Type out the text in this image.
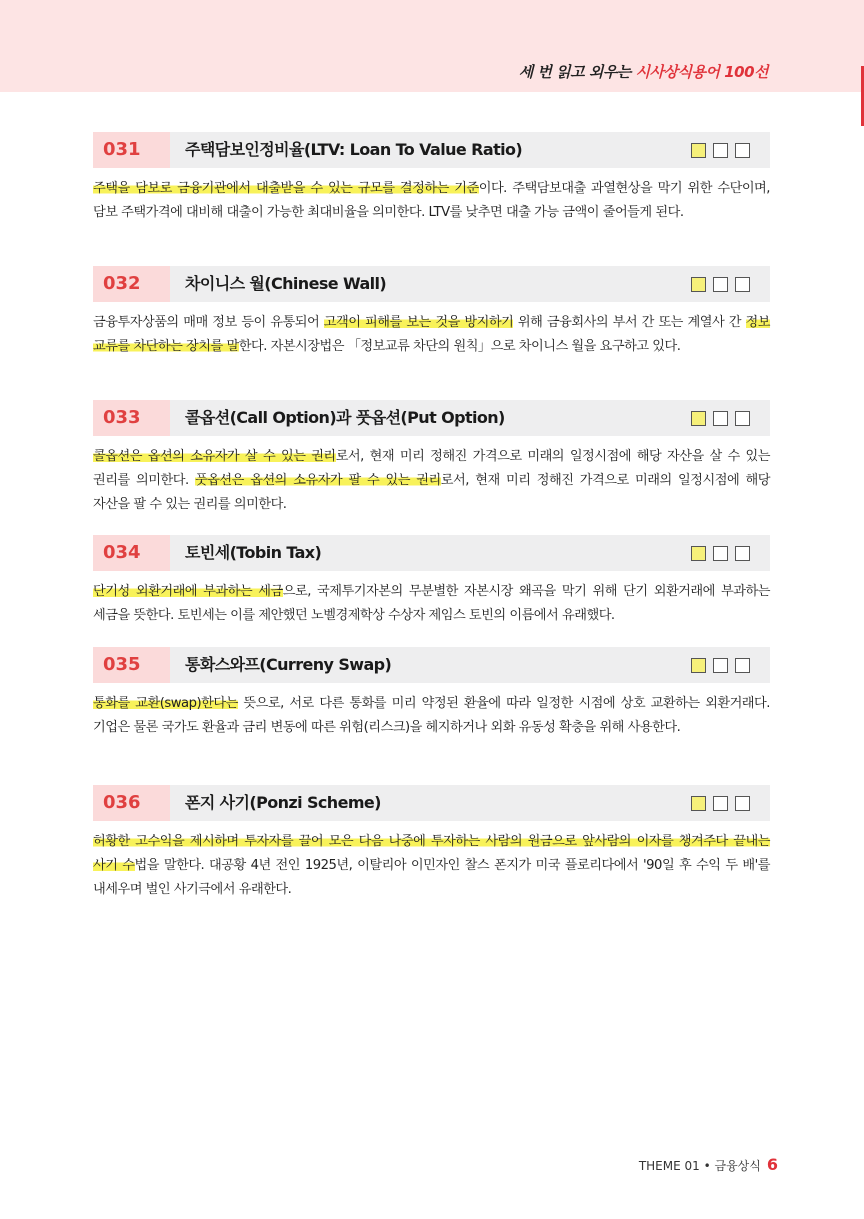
세 번 읽고 외우는 시사상식용어 100선
031	주택담보인정비율(LTV: Loan To Value Ratio)

주택을 담보로 금융기관에서 대출받을 수 있는 규모를 결정하는 기준이다. 주택담보대출 과열현상을 막기 위한 수단이며, 담보 주택가격에 대비해 대출이 가능한 최대비율을 의미한다. LTV를 낮추면 대출 가능 금액이 줄어들게 된다.

032	차이니스 월(Chinese Wall)

금융투자상품의 매매 정보 등이 유통되어 고객이 피해를 보는 것을 방지하기 위해 금융회사의 부서 간 또는 계열사 간 정보 교류를 차단하는 장치를 말한다. 자본시장법은 「정보교류 차단의 원칙」으로 차이니스 월을 요구하고 있다.

033	콜옵션(Call Option)과 풋옵션(Put Option)

콜옵션은 옵션의 소유자가 살 수 있는 권리로서, 현재 미리 정해진 가격으로 미래의 일정시점에 해당 자산을 살 수 있는 권리를 의미한다. 풋옵션은 옵션의 소유자가 팔 수 있는 권리로서, 현재 미리 정해진 가격으로 미래의 일정시점에 해당 자산을 팔 수 있는 권리를 의미한다.

034	토빈세(Tobin Tax)

단기성 외환거래에 부과하는 세금으로, 국제투기자본의 무분별한 자본시장 왜곡을 막기 위해 단기 외환거래에 부과하는 세금을 뜻한다. 토빈세는 이를 제안했던 노벨경제학상 수상자 제임스 토빈의 이름에서 유래했다.

035	통화스와프(Curreny Swap)

통화를 교환(swap)한다는 뜻으로, 서로 다른 통화를 미리 약정된 환율에 따라 일정한 시점에 상호 교환하는 외환거래다. 기업은 물론 국가도 환율과 금리 변동에 따른 위험(리스크)을 헤지하거나 외화 유동성 확충을 위해 사용한다.

036	폰지 사기(Ponzi Scheme)

허황한 고수익을 제시하며 투자자를 끌어 모은 다음 나중에 투자하는 사람의 원금으로 앞사람의 이자를 챙겨주다 끝내는 사기 수법을 말한다. 대공황 4년 전인 1925년, 이탈리아 이민자인 찰스 폰지가 미국 플로리다에서 '90일 후 수익 두 배'를 내세우며 벌인 사기극에서 유래한다.

THEME 01 • 금융상식 6
